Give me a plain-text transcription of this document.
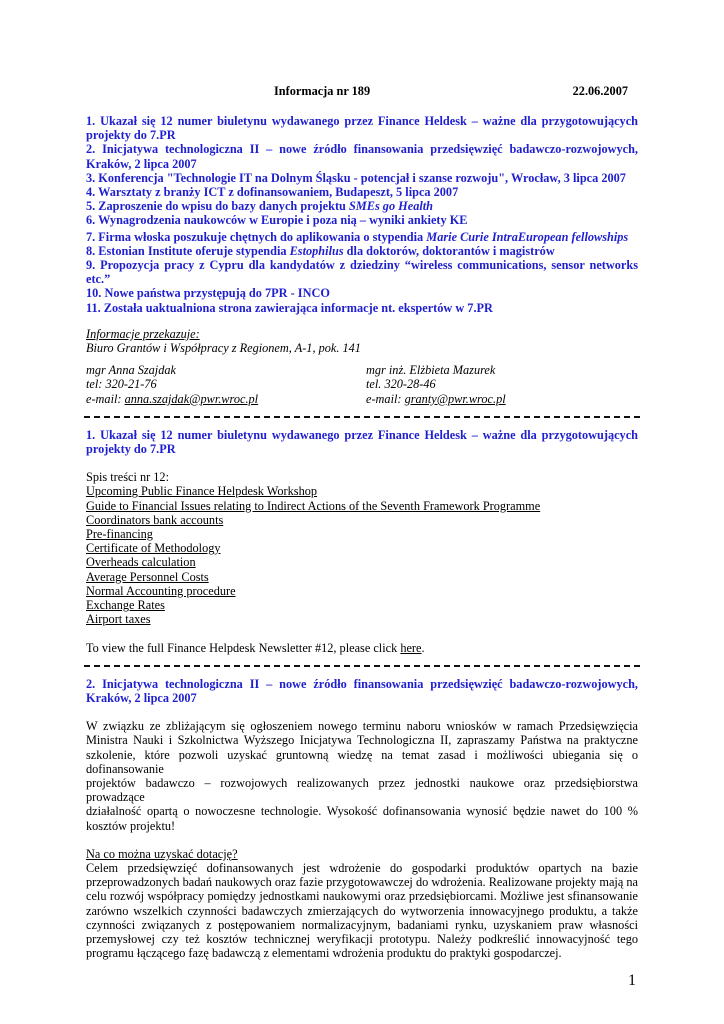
Informacja nr 189	22.06.2007
1. Ukazał się 12 numer biuletynu wydawanego przez Finance Heldesk – ważne dla przygotowujących
projekty do 7.PR
2. Inicjatywa technologiczna II – nowe źródło finansowania przedsięwzięć badawczo-rozwojowych,
Kraków, 2 lipca 2007
3. Konferencja "Technologie IT na Dolnym Śląsku - potencjał i szanse rozwoju", Wrocław, 3 lipca 2007
4. Warsztaty z branży ICT z dofinansowaniem, Budapeszt, 5 lipca 2007
5. Zaproszenie do wpisu do bazy danych projektu SMEs go Health
6. Wynagrodzenia naukowców w Europie i poza nią – wyniki ankiety KE
7. Firma włoska poszukuje chętnych do aplikowania o stypendia Marie Curie IntraEuropean fellowships
8. Estonian Institute oferuje stypendia Estophilus dla doktorów, doktorantów i magistrów
9. Propozycja pracy z Cypru dla kandydatów z dziedziny “wireless communications, sensor networks
etc.”
10. Nowe państwa przystępują do 7PR - INCO
11. Została uaktualniona strona zawierająca informacje nt. ekspertów w 7.PR
Informacje przekazuje:
Biuro Grantów i Współpracy z Regionem, A-1, pok. 141
mgr Anna Szajdak
tel: 320-21-76
e-mail: anna.szajdak@pwr.wroc.pl
mgr inż. Elżbieta Mazurek
tel. 320-28-46
e-mail: granty@pwr.wroc.pl
1. Ukazał się 12 numer biuletynu wydawanego przez Finance Heldesk – ważne dla przygotowujących
projekty do 7.PR
Spis treści nr 12:
Upcoming Public Finance Helpdesk Workshop
Guide to Financial Issues relating to Indirect Actions of the Seventh Framework Programme
Coordinators bank accounts
Pre-financing
Certificate of Methodology
Overheads calculation
Average Personnel Costs
Normal Accounting procedure
Exchange Rates
Airport taxes
To view the full Finance Helpdesk Newsletter #12, please click here.
2. Inicjatywa technologiczna II – nowe źródło finansowania przedsięwzięć badawczo-rozwojowych,
Kraków, 2 lipca 2007
W związku ze zbliżającym się ogłoszeniem nowego terminu naboru wniosków w ramach Przedsięwzięcia
Ministra Nauki i Szkolnictwa Wyższego Inicjatywa Technologiczna II, zapraszamy Państwa na praktyczne
szkolenie, które pozwoli uzyskać gruntowną wiedzę na temat zasad i możliwości ubiegania się o dofinansowanie
projektów badawczo – rozwojowych realizowanych przez jednostki naukowe oraz przedsiębiorstwa prowadzące
działalność opartą o nowoczesne technologie. Wysokość dofinansowania wynosić będzie nawet do 100 %
kosztów projektu!
Na co można uzyskać dotację?
Celem przedsięwzięć dofinansowanych jest wdrożenie do gospodarki produktów opartych na bazie
przeprowadzonych badań naukowych oraz fazie przygotowawczej do wdrożenia. Realizowane projekty mają na
celu rozwój współpracy pomiędzy jednostkami naukowymi oraz przedsiębiorcami. Możliwe jest sfinansowanie
zarówno wszelkich czynności badawczych zmierzających do wytworzenia innowacyjnego produktu, a także
czynności związanych z postępowaniem normalizacyjnym, badaniami rynku, uzyskaniem praw własności
przemysłowej czy też kosztów technicznej weryfikacji prototypu. Należy podkreślić innowacyjność tego
programu łączącego fazę badawczą z elementami wdrożenia produktu do praktyki gospodarczej.
1
